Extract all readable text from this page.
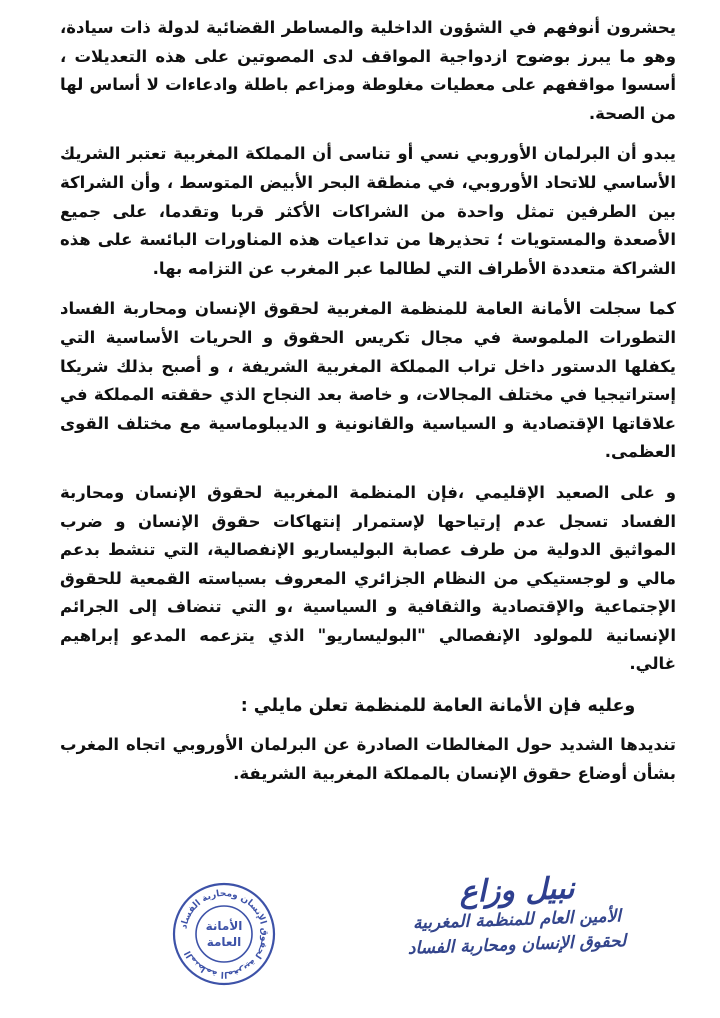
يحشرون أنوفهم في الشؤون الداخلية والمساطر القضائية لدولة ذات سيادة، وهو ما يبرز بوضوح ازدواجية المواقف لدى المصوتين على هذه التعديلات ، أسسوا مواقفهم على معطيات مغلوطة ومزاعم باطلة وادعاءات لا أساس لها من الصحة.

يبدو أن البرلمان الأوروبي نسي أو تناسى أن المملكة المغربية تعتبر الشريك الأساسي للاتحاد الأوروبي، في منطقة البحر الأبيض المتوسط ، وأن الشراكة بين الطرفين تمثل واحدة من الشراكات الأكثر قربا وتقدما، على جميع الأصعدة والمستويات ؛ تحذيرها من تداعيات هذه المناورات البائسة على هذه الشراكة متعددة الأطراف التي لطالما عبر المغرب عن التزامه بها.

كما سجلت الأمانة العامة للمنظمة المغربية لحقوق الإنسان ومحاربة الفساد التطورات الملموسة في مجال تكريس الحقوق و الحريات الأساسية التي يكفلها الدستور داخل تراب المملكة المغربية الشريفة ، و أصبح بذلك شريكا إستراتيجيا في مختلف المجالات، و خاصة بعد النجاح الذي حققته المملكة في علاقاتها الإقتصادية و السياسية والقانونية و الديبلوماسية مع مختلف القوى العظمى.

و على الصعيد الإقليمي ،فإن المنظمة المغربية لحقوق الإنسان ومحاربة الفساد تسجل عدم إرتياحها لإستمرار إنتهاكات حقوق الإنسان و ضرب المواثيق الدولية من طرف عصابة البوليساريو الإنفصالية، التي تنشط بدعم مالي و لوجستيكي من النظام الجزائري المعروف بسياسته القمعية للحقوق الإجتماعية والإقتصادية والثقافية و السياسية ،و التي تنضاف إلى الجرائم الإنسانية للمولود الإنفصالي "البوليساريو" الذي يتزعمه المدعو إبراهيم غالي.

وعليه فإن الأمانة العامة للمنظمة تعلن مايلي :

تنديدها الشديد حول المغالطات الصادرة عن البرلمان الأوروبي اتجاه المغرب بشأن أوضاع حقوق الإنسان بالمملكة المغربية الشريفة.

المنظمة المغربية لحقوق الإنسان ومحاربة الفساد
الأمانة
العامة
نبيل وزاع
الأمين العام للمنظمة المغربية
لحقوق الإنسان ومحاربة الفساد
